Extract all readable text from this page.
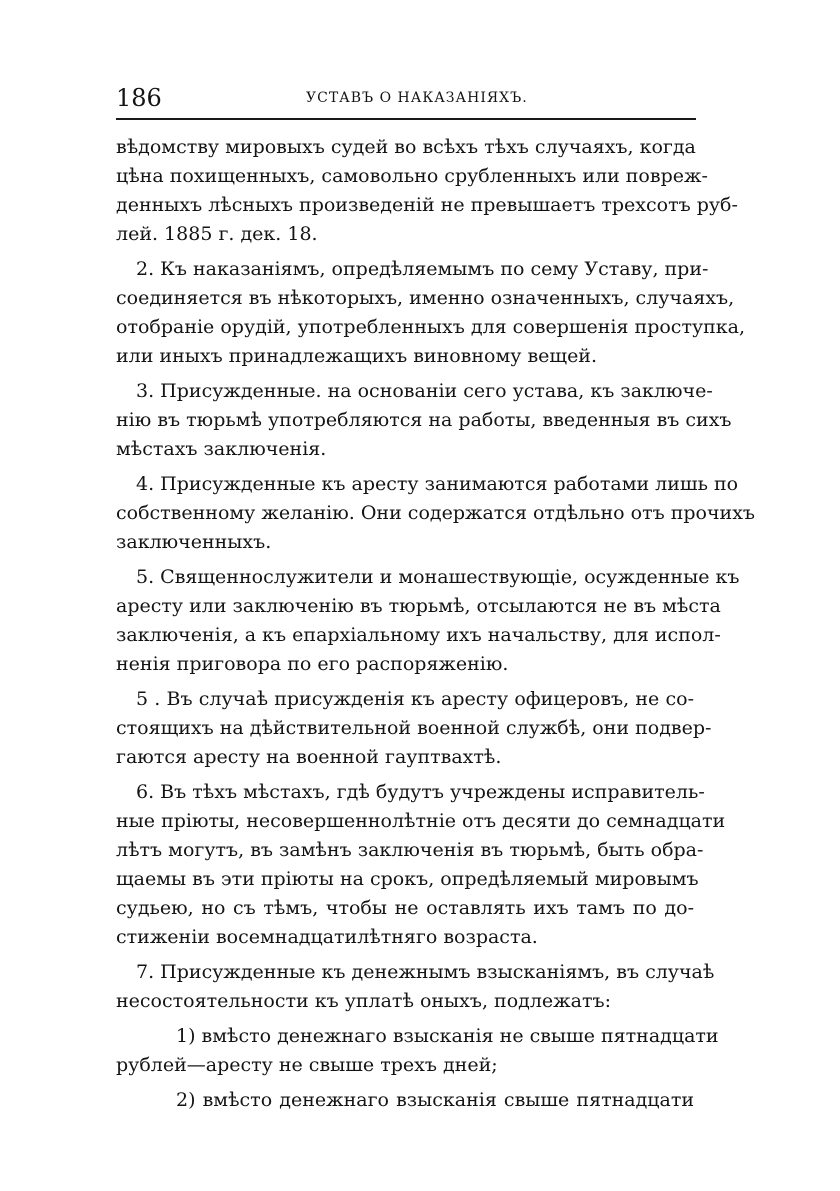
186	УСТАВЪ О НАКАЗАНІЯХЪ.
вѣдомству мировыхъ судей во всѣхъ тѣхъ случаяхъ, когда
цѣна похищенныхъ, самовольно срубленныхъ или повреж-
денныхъ лѣсныхъ произведеній не превышаетъ трехсотъ руб-
лей. 1885 г. дек. 18.
2. Къ наказаніямъ, опредѣляемымъ по сему Уставу, при-
соединяется въ нѣкоторыхъ, именно означенныхъ, случаяхъ,
отобраніе орудій, употребленныхъ для совершенія проступка,
или иныхъ принадлежащихъ виновному вещей.
3. Присужденные. на основаніи сего устава, къ заключе-
нію въ тюрьмѣ употребляются на работы, введенныя въ сихъ
мѣстахъ заключенія.
4. Присужденные къ аресту занимаются работами лишь по
собственному желанію. Они содержатся отдѣльно отъ прочихъ
заключенныхъ.
5. Священнослужители и монашествующіе, осужденные къ
аресту или заключенію въ тюрьмѣ, отсылаются не въ мѣста
заключенія, а къ епархіальному ихъ начальству, для испол-
ненія приговора по его распоряженію.
5 . Въ случаѣ присужденія къ аресту офицеровъ, не со-
стоящихъ на дѣйствительной военной службѣ, они подвер-
гаются аресту на военной гауптвахтѣ.
6. Въ тѣхъ мѣстахъ, гдѣ будутъ учреждены исправитель-
ные пріюты, несовершеннолѣтніе отъ десяти до семнадцати
лѣтъ могутъ, въ замѣнъ заключенія въ тюрьмѣ, быть обра-
щаемы въ эти пріюты на срокъ, опредѣляемый мировымъ
судьею, но съ тѣмъ, чтобы не оставлять ихъ тамъ по до-
стиженіи восемнадцатилѣтняго возраста.
7. Присужденные къ денежнымъ взысканіямъ, въ случаѣ
несостоятельности къ уплатѣ оныхъ, подлежатъ:
1) вмѣсто денежнаго взысканія не свыше пятнадцати
рублей—аресту не свыше трехъ дней;
2) вмѣсто денежнаго взысканія свыше пятнадцати
